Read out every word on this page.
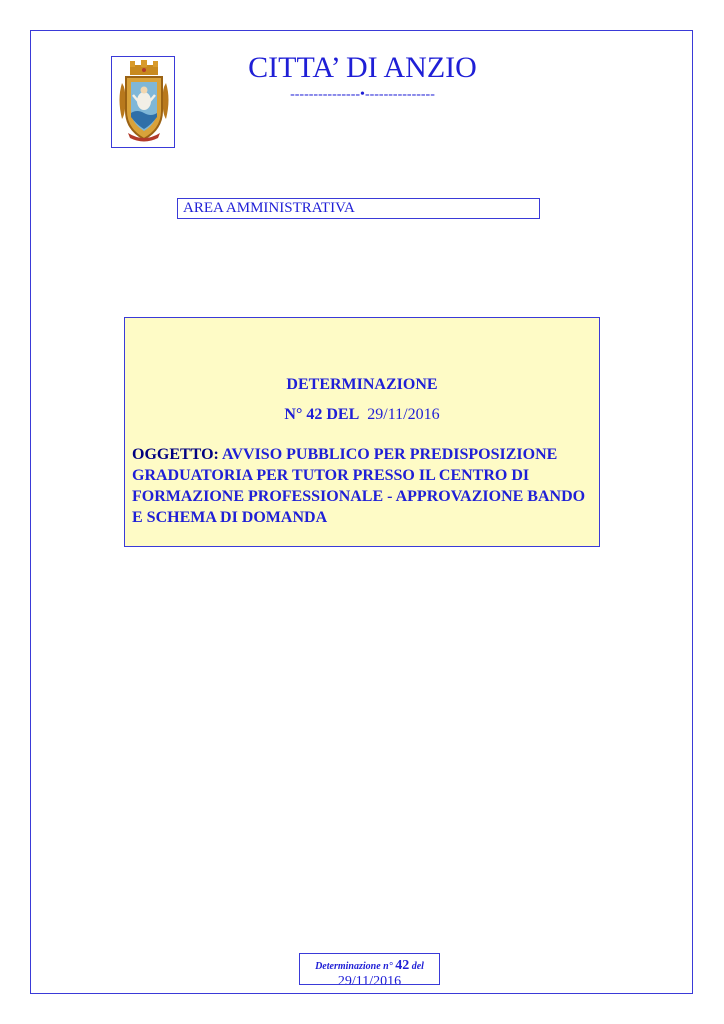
CITTA’ DI ANZIO
---------------•---------------
AREA AMMINISTRATIVA
DETERMINAZIONE
N° 42 DEL 29/11/2016
OGGETTO: AVVISO PUBBLICO PER PREDISPOSIZIONE GRADUATORIA PER TUTOR PRESSO IL CENTRO DI FORMAZIONE PROFESSIONALE - APPROVAZIONE BANDO E SCHEMA DI DOMANDA
Determinazione n° 42 del
29/11/2016
